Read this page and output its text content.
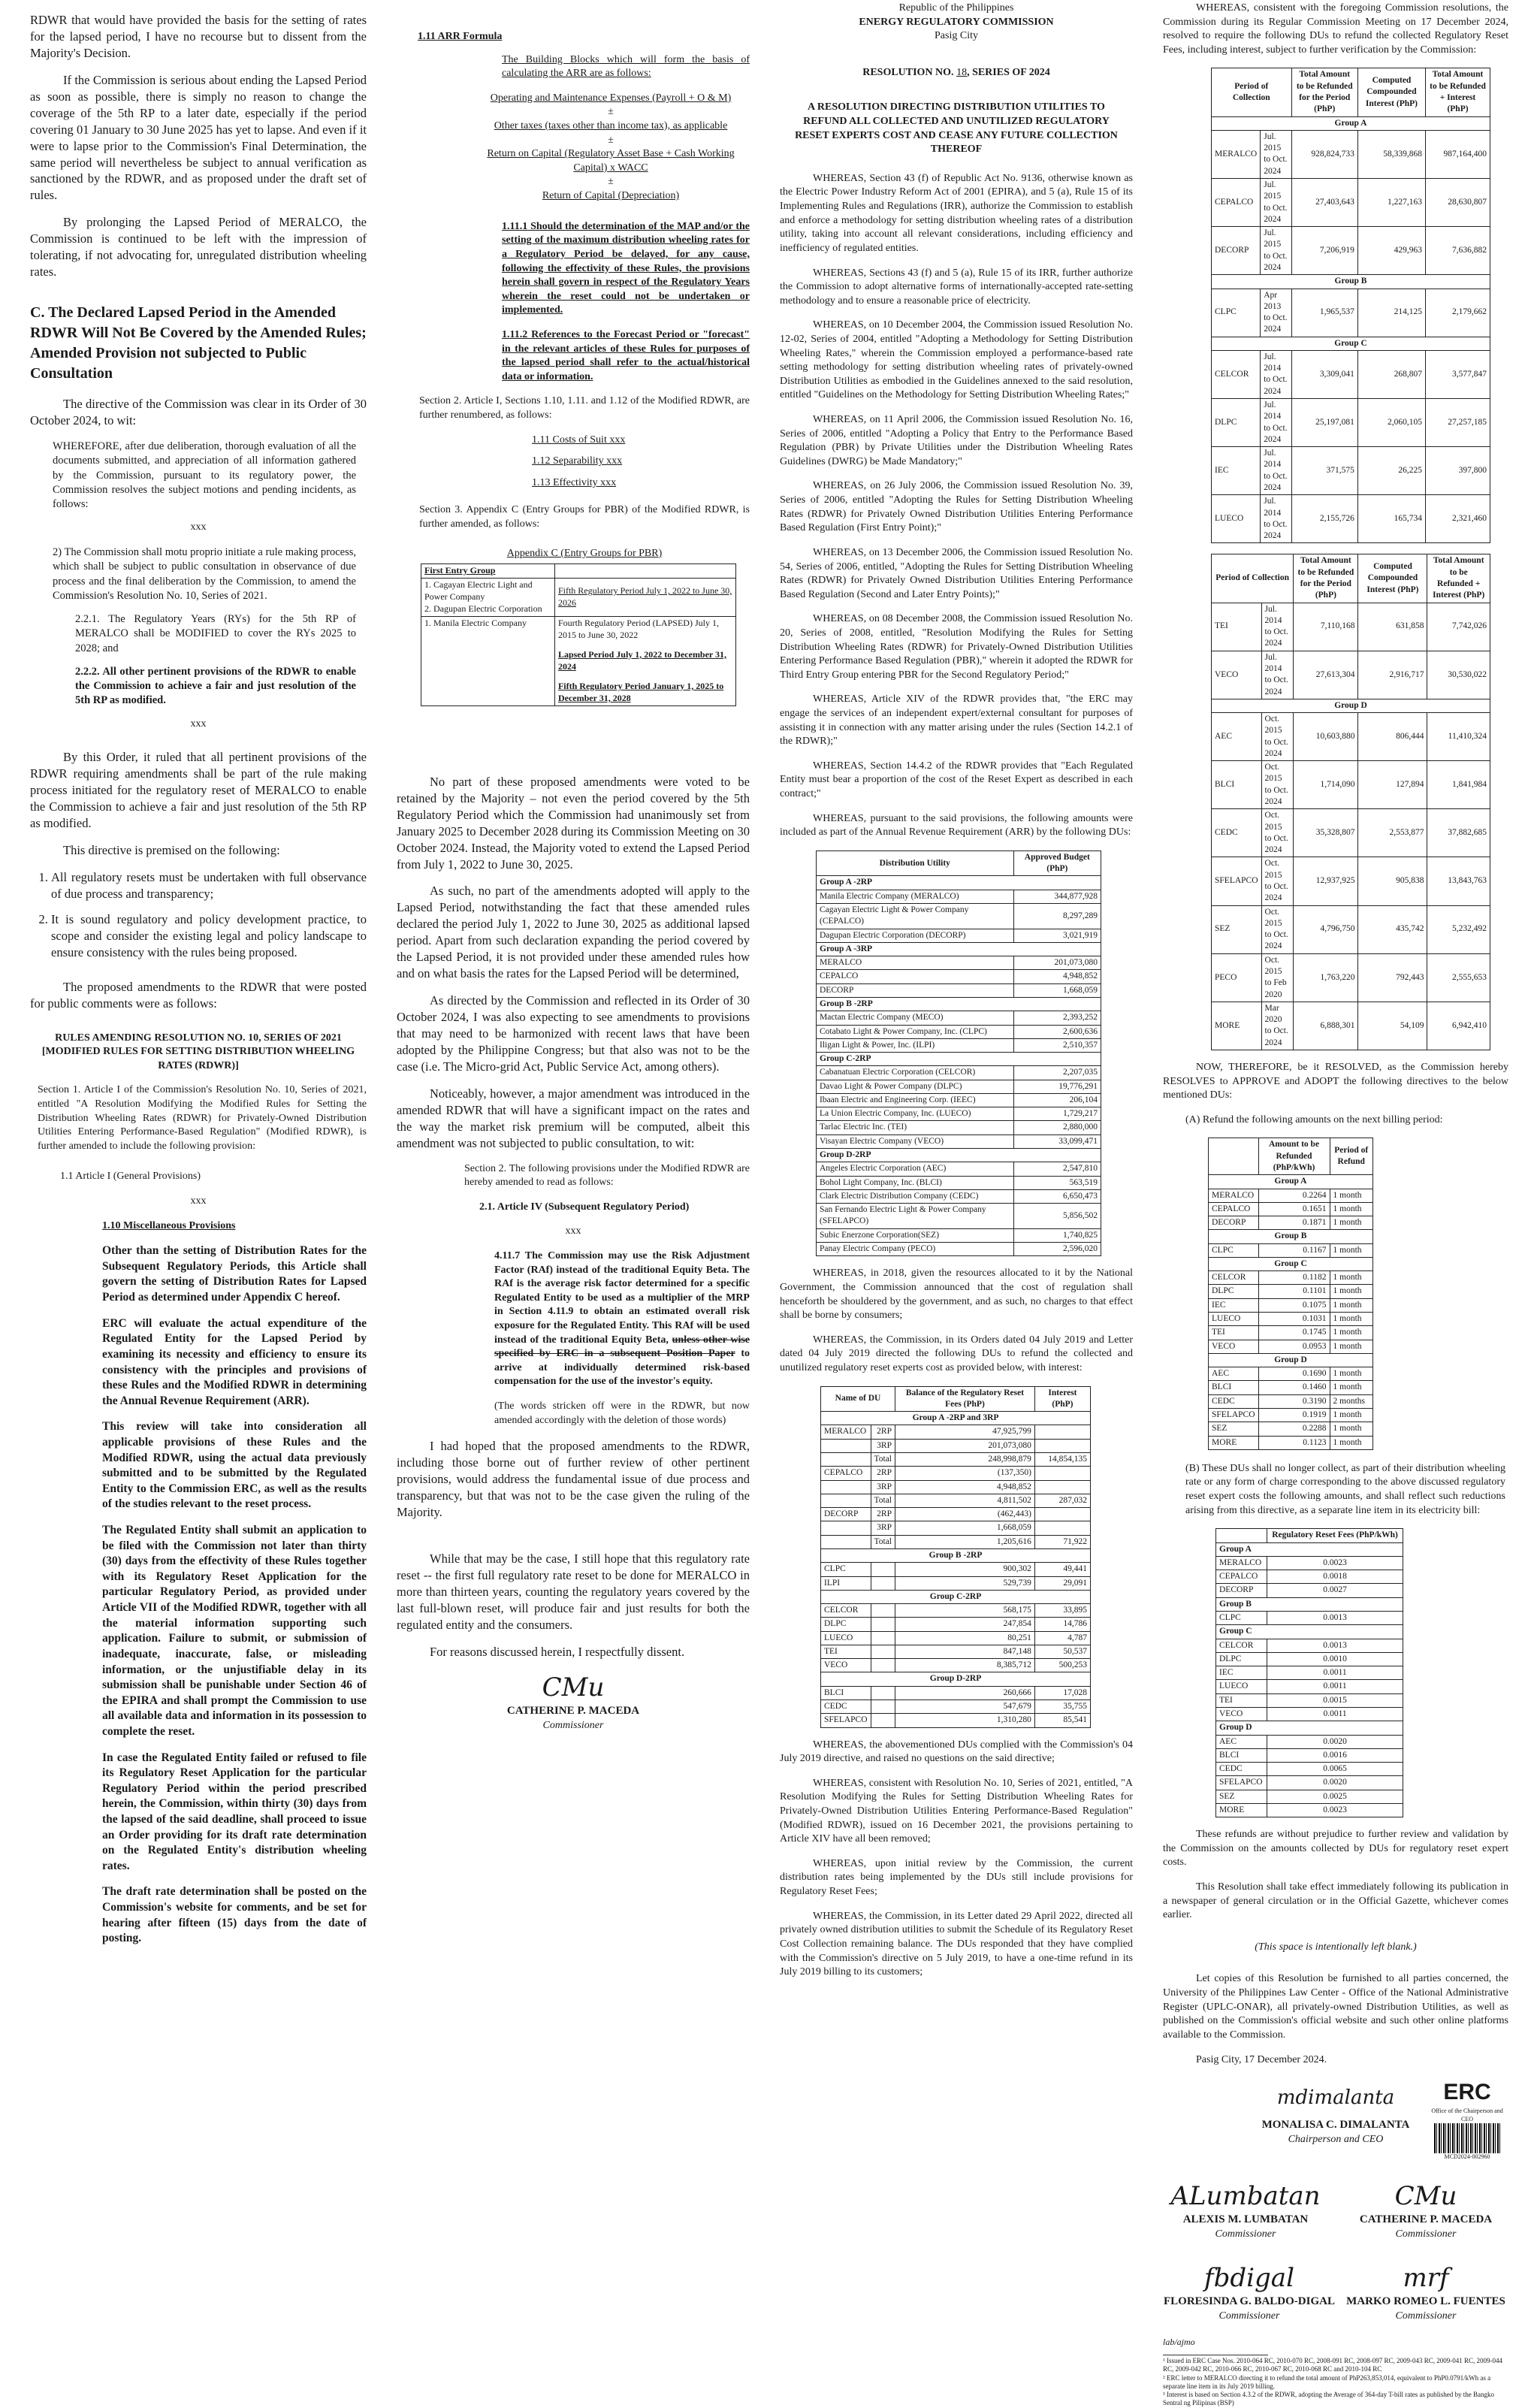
RDWR that would have provided the basis for the setting of rates for the lapsed period, I have no recourse but to dissent from the Majority's Decision.

If the Commission is serious about ending the Lapsed Period as soon as possible, there is simply no reason to change the coverage of the 5th RP to a later date, especially if the period covering 01 January to 30 June 2025 has yet to lapse. And even if it were to lapse prior to the Commission's Final Determination, the same period will nevertheless be subject to annual verification as sanctioned by the RDWR, and as proposed under the draft set of rules.

By prolonging the Lapsed Period of MERALCO, the Commission is continued to be left with the impression of tolerating, if not advocating for, unregulated distribution wheeling rates.

C. The Declared Lapsed Period in the Amended RDWR Will Not Be Covered by the Amended Rules; Amended Provision not subjected to Public Consultation

The directive of the Commission was clear in its Order of 30 October 2024, to wit:

WHEREFORE, after due deliberation, thorough evaluation of all the documents submitted, and appreciation of all information gathered by the Commission, pursuant to its regulatory power, the Commission resolves the subject motions and pending incidents, as follows:

xxx

2) The Commission shall motu proprio initiate a rule making process, which shall be subject to public consultation in observance of due process and the final deliberation by the Commission, to amend the Commission's Resolution No. 10, Series of 2021.

2.2.1. The Regulatory Years (RYs) for the 5th RP of MERALCO shall be MODIFIED to cover the RYs 2025 to 2028; and

2.2.2. All other pertinent provisions of the RDWR to enable the Commission to achieve a fair and just resolution of the 5th RP as modified.

xxx

By this Order, it ruled that all pertinent provisions of the RDWR requiring amendments shall be part of the rule making process initiated for the regulatory reset of MERALCO to enable the Commission to achieve a fair and just resolution of the 5th RP as modified.

This directive is premised on the following:

1. All regulatory resets must be undertaken with full observance of due process and transparency;
2. It is sound regulatory and policy development practice, to scope and consider the existing legal and policy landscape to ensure consistency with the rules being proposed.

The proposed amendments to the RDWR that were posted for public comments were as follows:

RULES AMENDING RESOLUTION NO. 10, SERIES OF 2021 [MODIFIED RULES FOR SETTING DISTRIBUTION WHEELING RATES (RDWR)]

Section 1. Article I of the Commission's Resolution No. 10, Series of 2021, entitled "A Resolution Modifying the Modified Rules for Setting the Distribution Wheeling Rates (RDWR) for Privately-Owned Distribution Utilities Entering Performance-Based Regulation" (Modified RDWR), is further amended to include the following provision:

1.1 Article I (General Provisions)

xxx

1.10 Miscellaneous Provisions

Other than the setting of Distribution Rates for the Subsequent Regulatory Periods, this Article shall govern the setting of Distribution Rates for Lapsed Period as determined under Appendix C hereof.

ERC will evaluate the actual expenditure of the Regulated Entity for the Lapsed Period by examining its necessity and efficiency to ensure its consistency with the principles and provisions of these Rules and the Modified RDWR in determining the Annual Revenue Requirement (ARR).

This review will take into consideration all applicable provisions of these Rules and the Modified RDWR, using the actual data previously submitted and to be submitted by the Regulated Entity to the Commission ERC, as well as the results of the studies relevant to the reset process.

The Regulated Entity shall submit an application to be filed with the Commission not later than thirty (30) days from the effectivity of these Rules together with its Regulatory Reset Application for the particular Regulatory Period, as provided under Article VII of the Modified RDWR, together with all the material information supporting such application. Failure to submit, or submission of inadequate, inaccurate, false, or misleading information, or the unjustifiable delay in its submission shall be punishable under Section 46 of the EPIRA and shall prompt the Commission to use all available data and information in its possession to complete the reset.

In case the Regulated Entity failed or refused to file its Regulatory Reset Application for the particular Regulatory Period within the period prescribed herein, the Commission, within thirty (30) days from the lapsed of the said deadline, shall proceed to issue an Order providing for its draft rate determination on the Regulated Entity's distribution wheeling rates.

The draft rate determination shall be posted on the Commission's website for comments, and be set for hearing after fifteen (15) days from the date of posting.

1.11 ARR Formula

The Building Blocks which will form the basis of calculating the ARR are as follows:

Operating and Maintenance Expenses (Payroll + O & M)
±
Other taxes (taxes other than income tax), as applicable
±
Return on Capital (Regulatory Asset Base + Cash Working Capital) x WACC
±
Return of Capital (Depreciation)

1.11.1 Should the determination of the MAP and/or the setting of the maximum distribution wheeling rates for a Regulatory Period be delayed, for any cause, following the effectivity of these Rules, the provisions herein shall govern in respect of the Regulatory Years wherein the reset could not be undertaken or implemented.

1.11.2 References to the Forecast Period or "forecast" in the relevant articles of these Rules for purposes of the lapsed period shall refer to the actual/historical data or information.

Section 2. Article I, Sections 1.10, 1.11. and 1.12 of the Modified RDWR, are further renumbered, as follows:

1.11 Costs of Suit xxx

1.12 Separability xxx

1.13 Effectivity xxx

Section 3. Appendix C (Entry Groups for PBR) of the Modified RDWR, is further amended, as follows:

Appendix C (Entry Groups for PBR)

First Entry Group	

1. Cagayan Electric Light and Power Company
2. Dagupan Electric Corporation	Fifth Regulatory Period July 1, 2022 to June 30, 2026
1. Manila Electric Company	Fourth Regulatory Period (LAPSED) July 1, 2015 to June 30, 2022
Lapsed Period July 1, 2022 to December 31, 2024
Fifth Regulatory Period January 1, 2025 to December 31, 2028

No part of these proposed amendments were voted to be retained by the Majority – not even the period covered by the 5th Regulatory Period which the Commission had unanimously set from January 2025 to December 2028 during its Commission Meeting on 30 October 2024. Instead, the Majority voted to extend the Lapsed Period from July 1, 2022 to June 30, 2025.

As such, no part of the amendments adopted will apply to the Lapsed Period, notwithstanding the fact that these amended rules declared the period July 1, 2022 to June 30, 2025 as additional lapsed period. Apart from such declaration expanding the period covered by the Lapsed Period, it is not provided under these amended rules how and on what basis the rates for the Lapsed Period will be determined,

As directed by the Commission and reflected in its Order of 30 October 2024, I was also expecting to see amendments to provisions that may need to be harmonized with recent laws that have been adopted by the Philippine Congress; but that also was not to be the case (i.e. The Micro-grid Act, Public Service Act, among others).

Noticeably, however, a major amendment was introduced in the amended RDWR that will have a significant impact on the rates and the way the market risk premium will be computed, albeit this amendment was not subjected to public consultation, to wit:

Section 2. The following provisions under the Modified RDWR are hereby amended to read as follows:

2.1. Article IV (Subsequent Regulatory Period)

xxx

4.11.7 The Commission may use the Risk Adjustment Factor (RAf) instead of the traditional Equity Beta. The RAf is the average risk factor determined for a specific Regulated Entity to be used as a multiplier of the MRP in Section 4.11.9 to obtain an estimated overall risk exposure for the Regulated Entity. This RAf will be used instead of the traditional Equity Beta, unless other wise specified by ERC in a subsequent Position Paper to arrive at individually determined risk-based compensation for the use of the investor's equity.

(The words stricken off were in the RDWR, but now amended accordingly with the deletion of those words)

I had hoped that the proposed amendments to the RDWR, including those borne out of further review of other pertinent provisions, would address the fundamental issue of due process and transparency, but that was not to be the case given the ruling of the Majority.

While that may be the case, I still hope that this regulatory rate reset -- the first full regulatory rate reset to be done for MERALCO in more than thirteen years, counting the regulatory years covered by the last full-blown reset, will produce fair and just results for both the regulated entity and the consumers.

For reasons discussed herein, I respectfully dissent.

CMu
CATHERINE P. MACEDA
Commissioner
Republic of the Philippines
ENERGY REGULATORY COMMISSION
Pasig City

RESOLUTION NO. 18, SERIES OF 2024

A RESOLUTION DIRECTING DISTRIBUTION UTILITIES TO REFUND ALL COLLECTED AND UNUTILIZED REGULATORY RESET EXPERTS COST AND CEASE ANY FUTURE COLLECTION THEREOF

WHEREAS, Section 43 (f) of Republic Act No. 9136, otherwise known as the Electric Power Industry Reform Act of 2001 (EPIRA), and 5 (a), Rule 15 of its Implementing Rules and Regulations (IRR), authorize the Commission to establish and enforce a methodology for setting distribution wheeling rates of a distribution utility, taking into account all relevant considerations, including efficiency and inefficiency of regulated entities.

WHEREAS, Sections 43 (f) and 5 (a), Rule 15 of its IRR, further authorize the Commission to adopt alternative forms of internationally-accepted rate-setting methodology and to ensure a reasonable price of electricity.

WHEREAS, on 10 December 2004, the Commission issued Resolution No. 12-02, Series of 2004, entitled "Adopting a Methodology for Setting Distribution Wheeling Rates," wherein the Commission employed a performance-based rate setting methodology for setting distribution wheeling rates of privately-owned Distribution Utilities as embodied in the Guidelines annexed to the said resolution, entitled "Guidelines on the Methodology for Setting Distribution Wheeling Rates;"

WHEREAS, on 11 April 2006, the Commission issued Resolution No. 16, Series of 2006, entitled "Adopting a Policy that Entry to the Performance Based Regulation (PBR) by Private Utilities under the Distribution Wheeling Rates Guidelines (DWRG) be Made Mandatory;"

WHEREAS, on 26 July 2006, the Commission issued Resolution No. 39, Series of 2006, entitled "Adopting the Rules for Setting Distribution Wheeling Rates (RDWR) for Privately Owned Distribution Utilities Entering Performance Based Regulation (First Entry Point);"

WHEREAS, on 13 December 2006, the Commission issued Resolution No. 54, Series of 2006, entitled, "Adopting the Rules for Setting Distribution Wheeling Rates (RDWR) for Privately Owned Distribution Utilities Entering Performance Based Regulation (Second and Later Entry Points);"

WHEREAS, on 08 December 2008, the Commission issued Resolution No. 20, Series of 2008, entitled, "Resolution Modifying the Rules for Setting Distribution Wheeling Rates (RDWR) for Privately-Owned Distribution Utilities Entering Performance Based Regulation (PBR)," wherein it adopted the RDWR for Third Entry Group entering PBR for the Second Regulatory Period;"

WHEREAS, Article XIV of the RDWR provides that, "the ERC may engage the services of an independent expert/external consultant for purposes of assisting it in connection with any matter arising under the rules (Section 14.2.1 of the RDWR);"

WHEREAS, Section 14.4.2 of the RDWR provides that "Each Regulated Entity must bear a proportion of the cost of the Reset Expert as described in each contract;"

WHEREAS, pursuant to the said provisions, the following amounts were included as part of the Annual Revenue Requirement (ARR) by the following DUs:

Distribution Utility	Approved Budget (PhP)
Group A -2RP	
Manila Electric Company (MERALCO)	344,877,928
Cagayan Electric Light & Power Company (CEPALCO)	8,297,289
Dagupan Electric Corporation (DECORP)	3,021,919
Group A -3RP	
MERALCO	201,073,080
CEPALCO	4,948,852
DECORP	1,668,059
Group B -2RP	
Mactan Electric Company (MECO)	2,393,252
Cotabato Light & Power Company, Inc. (CLPC)	2,600,636
Iligan Light & Power, Inc. (ILPI)	2,510,357
Group C-2RP	
Cabanatuan Electric Corporation (CELCOR)	2,207,035
Davao Light & Power Company (DLPC)	19,776,291
Ibaan Electric and Engineering Corp. (IEEC)	206,104
La Union Electric Company, Inc. (LUECO)	1,729,217
Tarlac Electric Inc. (TEI)	2,880,000
Visayan Electric Company (VECO)	33,099,471
Group D-2RP	
Angeles Electric Corporation (AEC)	2,547,810
Bohol Light Company, Inc. (BLCI)	563,519
Clark Electric Distribution Company (CEDC)	6,650,473
San Fernando Electric Light & Power Company (SFELAPCO)	5,856,502
Subic Enerzone Corporation(SEZ)	1,740,825
Panay Electric Company (PECO)	2,596,020

WHEREAS, in 2018, given the resources allocated to it by the National Government, the Commission announced that the cost of regulation shall henceforth be shouldered by the government, and as such, no charges to that effect shall be borne by consumers;

WHEREAS, the Commission, in its Orders dated 04 July 2019 and Letter dated 04 July 2019 directed the following DUs to refund the collected and unutilized regulatory reset experts cost as provided below, with interest:

Name of DU		Balance of the Regulatory Reset Fees (PhP)	Interest (PhP)
Group A -2RP and 3RP			
MERALCO	2RP	47,925,799	
	3RP	201,073,080	
	Total	248,998,879	14,854,135
CEPALCO	2RP	(137,350)	
	3RP	4,948,852	
	Total	4,811,502	287,032
DECORP	2RP	(462,443)	
	3RP	1,668,059	
	Total	1,205,616	71,922
Group B -2RP			
CLPC		900,302	49,441
ILPI		529,739	29,091
Group C-2RP			
CELCOR		568,175	33,895
DLPC		247,854	14,786
LUECO		80,251	4,787
TEI		847,148	50,537
VECO		8,385,712	500,253
Group D-2RP			
BLCI		260,666	17,028
CEDC		547,679	35,755
SFELAPCO		1,310,280	85,541

WHEREAS, the abovementioned DUs complied with the Commission's 04 July 2019 directive, and raised no questions on the said directive;

WHEREAS, consistent with Resolution No. 10, Series of 2021, entitled, "A Resolution Modifying the Rules for Setting Distribution Wheeling Rates for Privately-Owned Distribution Utilities Entering Performance-Based Regulation" (Modified RDWR), issued on 16 December 2021, the provisions pertaining to Article XIV have all been removed;

WHEREAS, upon initial review by the Commission, the current distribution rates being implemented by the DUs still include provisions for Regulatory Reset Fees;

WHEREAS, the Commission, in its Letter dated 29 April 2022, directed all privately owned distribution utilities to submit the Schedule of its Regulatory Reset Cost Collection remaining balance. The DUs responded that they have complied with the Commission's directive on 5 July 2019, to have a one-time refund in its July 2019 billing to its customers;

WHEREAS, consistent with the foregoing Commission resolutions, the Commission during its Regular Commission Meeting on 17 December 2024, resolved to require the following DUs to refund the collected Regulatory Reset Fees, including interest, subject to further verification by the Commission:

Period of Collection		Total Amount to be Refunded for the Period (PhP)	Computed Compounded Interest (PhP)	Total Amount to be Refunded + Interest (PhP)
Group A				
MERALCO	Jul. 2015 to Oct. 2024	928,824,733	58,339,868	987,164,400
CEPALCO	Jul. 2015 to Oct. 2024	27,403,643	1,227,163	28,630,807
DECORP	Jul. 2015 to Oct. 2024	7,206,919	429,963	7,636,882
Group B				
CLPC	Apr 2013 to Oct. 2024	1,965,537	214,125	2,179,662
Group C				
CELCOR	Jul. 2014 to Oct. 2024	3,309,041	268,807	3,577,847
DLPC	Jul. 2014 to Oct. 2024	25,197,081	2,060,105	27,257,185
IEC	Jul. 2014 to Oct. 2024	371,575	26,225	397,800
LUECO	Jul. 2014 to Oct. 2024	2,155,726	165,734	2,321,460
Period of Collection		Total Amount to be Refunded for the Period (PhP)	Computed Compounded Interest (PhP)	Total Amount to be Refunded + Interest (PhP)
TEI	Jul. 2014 to Oct. 2024	7,110,168	631,858	7,742,026
VECO	Jul. 2014 to Oct. 2024	27,613,304	2,916,717	30,530,022
Group D				
AEC	Oct. 2015 to Oct. 2024	10,603,880	806,444	11,410,324
BLCI	Oct. 2015 to Oct. 2024	1,714,090	127,894	1,841,984
CEDC	Oct. 2015 to Oct. 2024	35,328,807	2,553,877	37,882,685
SFELAPCO	Oct. 2015 to Oct. 2024	12,937,925	905,838	13,843,763
SEZ	Oct. 2015 to Oct. 2024	4,796,750	435,742	5,232,492
PECO	Oct. 2015 to Feb 2020	1,763,220	792,443	2,555,653
MORE	Mar 2020 to Oct. 2024	6,888,301	54,109	6,942,410

NOW, THEREFORE, be it RESOLVED, as the Commission hereby RESOLVES to APPROVE and ADOPT the following directives to the below mentioned DUs:

(A) Refund the following amounts on the next billing period:

	Amount to be Refunded (PhP/kWh)	Period of Refund
Group A		
MERALCO	0.2264	1 month
CEPALCO	0.1651	1 month
DECORP	0.1871	1 month
Group B		
CLPC	0.1167	1 month
Group C		
CELCOR	0.1182	1 month
DLPC	0.1101	1 month
IEC	0.1075	1 month
LUECO	0.1031	1 month
TEI	0.1745	1 month
VECO	0.0953	1 month
Group D		
AEC	0.1690	1 month
BLCI	0.1460	1 month
CEDC	0.3190	2 months
SFELAPCO	0.1919	1 month
SEZ	0.2288	1 month
MORE	0.1123	1 month

(B) These DUs shall no longer collect, as part of their distribution wheeling rate or any form of charge corresponding to the above discussed regulatory reset expert costs the following amounts, and shall reflect such reductions arising from this directive, as a separate line item in its electricity bill:

	Regulatory Reset Fees (PhP/kWh)
Group A	
MERALCO	0.0023
CEPALCO	0.0018
DECORP	0.0027
Group B	
CLPC	0.0013
Group C	
CELCOR	0.0013
DLPC	0.0010
IEC	0.0011
LUECO	0.0011
TEI	0.0015
VECO	0.0011
Group D	
AEC	0.0020
BLCI	0.0016
CEDC	0.0065
SFELAPCO	0.0020
SEZ	0.0025
MORE	0.0023

These refunds are without prejudice to further review and validation by the Commission on the amounts collected by DUs for regulatory reset expert costs.

This Resolution shall take effect immediately following its publication in a newspaper of general circulation or in the Official Gazette, whichever comes earlier.

(This space is intentionally left blank.)

Let copies of this Resolution be furnished to all parties concerned, the University of the Philippines Law Center - Office of the National Administrative Register (UPLC-ONAR), all privately-owned Distribution Utilities, as well as published on the Commission's official website and such other online platforms available to the Commission.

Pasig City, 17 December 2024.

mdimalanta
MONALISA C. DIMALANTA
Chairperson and CEO
ERC
Office of the Chairperson and CEO
MCD2024-002960
ALumbatan
ALEXIS M. LUMBATAN
Commissioner
CMu
CATHERINE P. MACEDA
Commissioner
fbdigal
FLORESINDA G. BALDO-DIGAL
Commissioner
mrf
MARKO ROMEO L. FUENTES
Commissioner
lab/ajmo
¹ Issued in ERC Case Nos. 2010-064 RC, 2010-070 RC, 2008-091 RC, 2008-097 RC, 2009-043 RC, 2009-041 RC, 2009-044 RC, 2009-042 RC, 2010-066 RC, 2010-067 RC, 2010-068 RC and 2010-104 RC
² ERC letter to MERALCO directing it to refund the total amount of PhP263,853,014, equivalent to PhP0.0791/kWh as a separate line item in its July 2019 billing.
³ Interest is based on Section 4.3.2 of the RDWR, adopting the Average of 364-day T-bill rates as published by the Bangko Sentral ng Pilipinas (BSP)
